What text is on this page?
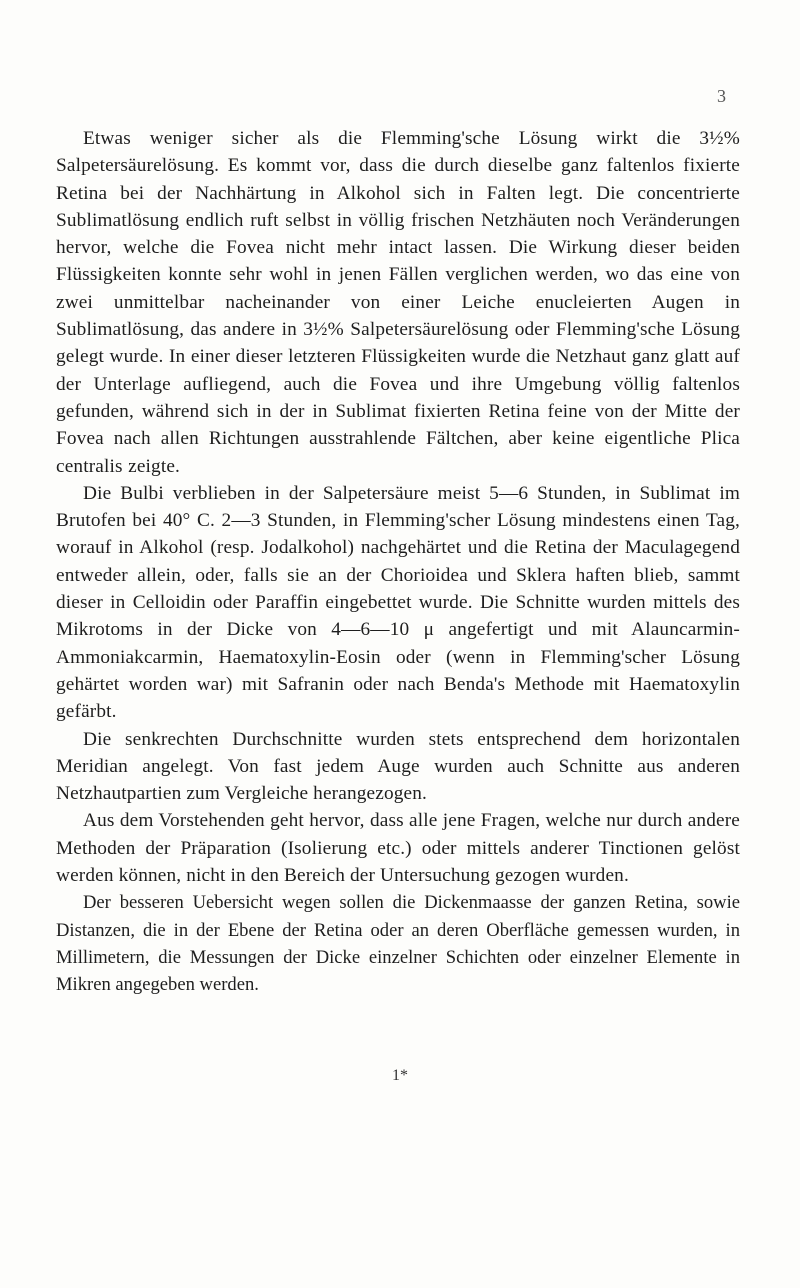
3

Etwas weniger sicher als die Flemming'sche Lösung wirkt die 3½% Salpetersäurelösung. Es kommt vor, dass die durch dieselbe ganz faltenlos fixierte Retina bei der Nachhärtung in Alkohol sich in Falten legt. Die concentrierte Sublimatlösung endlich ruft selbst in völlig frischen Netzhäuten noch Veränderungen hervor, welche die Fovea nicht mehr intact lassen. Die Wirkung dieser beiden Flüssigkeiten konnte sehr wohl in jenen Fällen verglichen werden, wo das eine von zwei unmittelbar nacheinander von einer Leiche enucleierten Augen in Sublimatlösung, das andere in 3½% Salpetersäurelösung oder Flemming'sche Lösung gelegt wurde. In einer dieser letzteren Flüssigkeiten wurde die Netzhaut ganz glatt auf der Unterlage aufliegend, auch die Fovea und ihre Umgebung völlig faltenlos gefunden, während sich in der in Sublimat fixierten Retina feine von der Mitte der Fovea nach allen Richtungen ausstrahlende Fältchen, aber keine eigentliche Plica centralis zeigte.

Die Bulbi verblieben in der Salpetersäure meist 5—6 Stunden, in Sublimat im Brutofen bei 40° C. 2—3 Stunden, in Flemming'scher Lösung mindestens einen Tag, worauf in Alkohol (resp. Jodalkohol) nachgehärtet und die Retina der Maculagegend entweder allein, oder, falls sie an der Chorioidea und Sklera haften blieb, sammt dieser in Celloidin oder Paraffin eingebettet wurde. Die Schnitte wurden mittels des Mikrotoms in der Dicke von 4—6—10 μ angefertigt und mit Alauncarmin-Ammoniakcarmin, Haematoxylin-Eosin oder (wenn in Flemming'scher Lösung gehärtet worden war) mit Safranin oder nach Benda's Methode mit Haematoxylin gefärbt.

Die senkrechten Durchschnitte wurden stets entsprechend dem horizontalen Meridian angelegt. Von fast jedem Auge wurden auch Schnitte aus anderen Netzhautpartien zum Vergleiche herangezogen.

Aus dem Vorstehenden geht hervor, dass alle jene Fragen, welche nur durch andere Methoden der Präparation (Isolierung etc.) oder mittels anderer Tinctionen gelöst werden können, nicht in den Bereich der Untersuchung gezogen wurden.

Der besseren Uebersicht wegen sollen die Dickenmaasse der ganzen Retina, sowie Distanzen, die in der Ebene der Retina oder an deren Oberfläche gemessen wurden, in Millimetern, die Messungen der Dicke einzelner Schichten oder einzelner Elemente in Mikren angegeben werden.

1*
